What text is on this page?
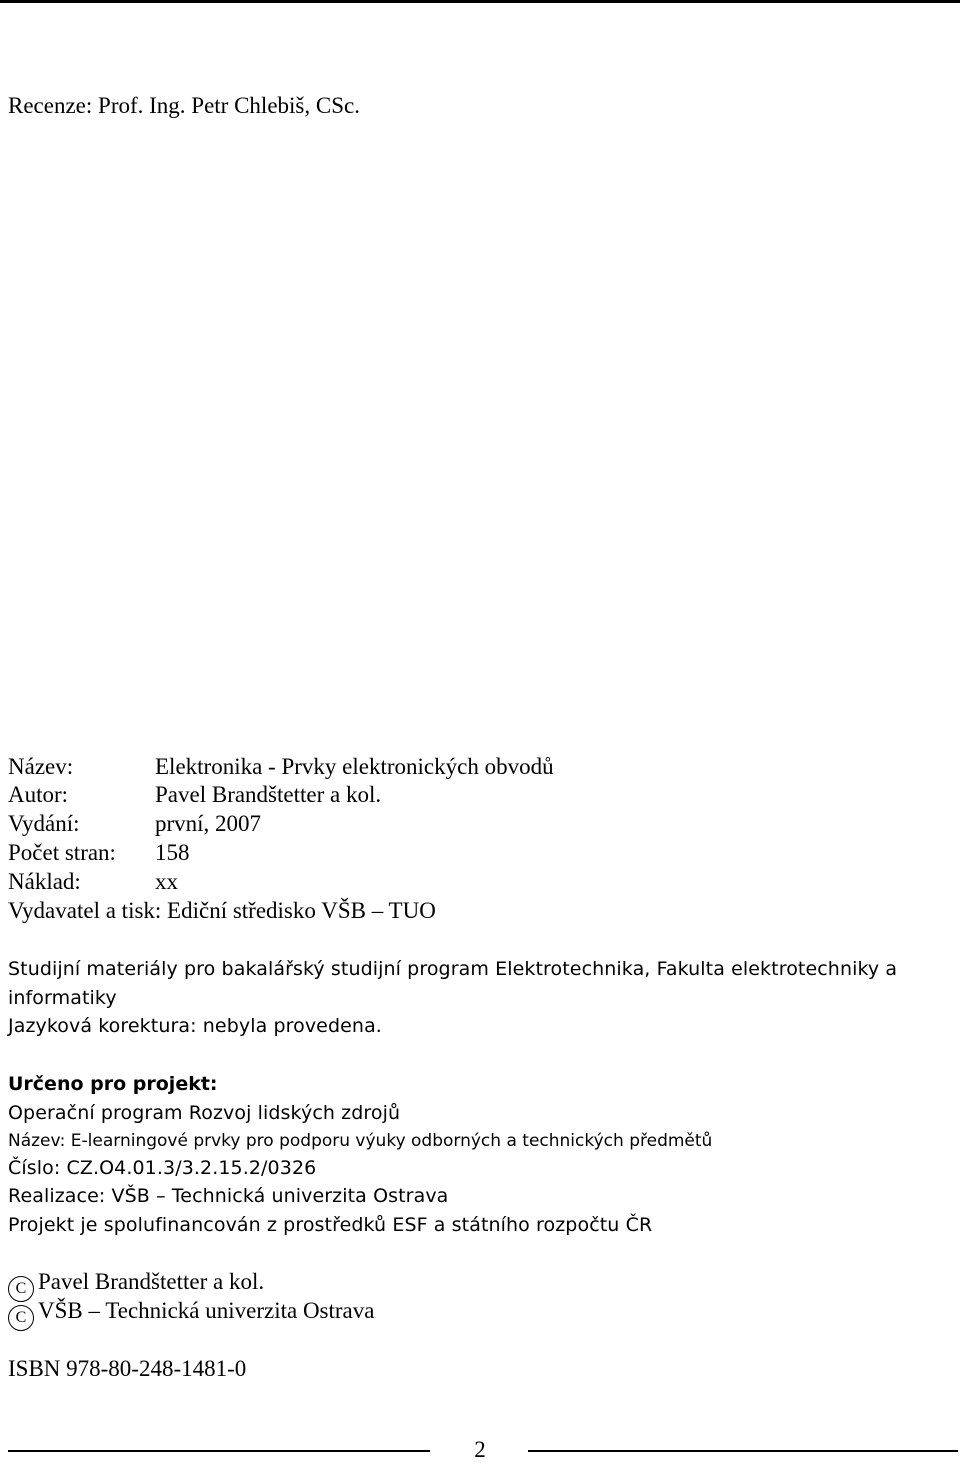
Recenze: Prof. Ing. Petr Chlebiš, CSc.
Název:	Elektronika - Prvky elektronických obvodů
Autor:	Pavel Brandštetter a kol.
Vydání:	první, 2007
Počet stran: 158
Náklad:	xx
Vydavatel a tisk: Ediční středisko VŠB – TUO
Studijní materiály pro bakalářský studijní program Elektrotechnika, Fakulta elektrotechniky a
informatiky
Jazyková korektura: nebyla provedena.
Určeno pro projekt:
Operační program Rozvoj lidských zdrojů
Název: E-learningové prvky pro podporu výuky odborných a technických předmětů
Číslo: CZ.O4.01.3/3.2.15.2/0326
Realizace: VŠB – Technická univerzita Ostrava
Projekt je spolufinancován z prostředků ESF a státního rozpočtu ČR
C Pavel Brandštetter a kol.
C VŠB – Technická univerzita Ostrava
ISBN 978-80-248-1481-0
2
